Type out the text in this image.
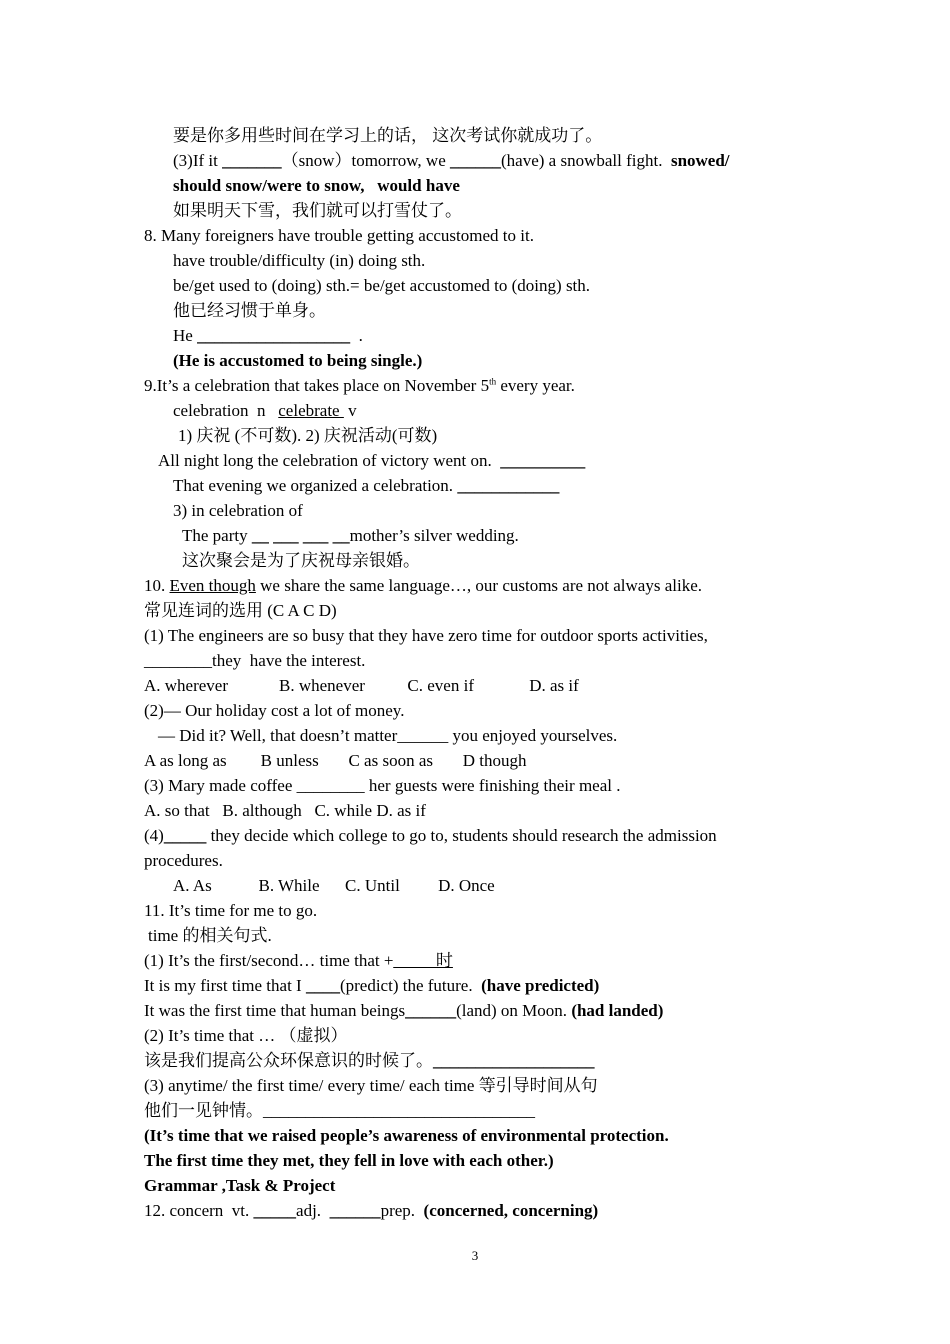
要是你多用些时间在学习上的话， 这次考试你就成功了。
(3)If it _______（snow）tomorrow, we ______(have) a snowball fight.  snowed/
should snow/were to snow,   would have
如果明天下雪，我们就可以打雪仗了。
8. Many foreigners have trouble getting accustomed to it.
have trouble/difficulty (in) doing sth.
be/get used to (doing) sth.= be/get accustomed to (doing) sth.
他已经习惯于单身。
He __________________  .
(He is accustomed to being single.)
9.It’s a celebration that takes place on November 5th every year.
celebration  n   celebrate  v
1) 庆祝 (不可数). 2) 庆祝活动(可数)
All night long the celebration of victory went on.  __________
That evening we organized a celebration. ____________
3) in celebration of
The party __ ___ ___ __mother’s silver wedding.
这次聚会是为了庆祝母亲银婚。
10. Even though we share the same language…, our customs are not always alike.
常见连词的选用 (C A C D)
(1) The engineers are so busy that they have zero time for outdoor sports activities,
________they  have the interest.
A. wherever            B. whenever          C. even if             D. as if
(2)— Our holiday cost a lot of money.
— Did it? Well, that doesn’t matter______ you enjoyed yourselves.
A as long as        B unless       C as soon as       D though
(3) Mary made coffee ________ her guests were finishing their meal .
A. so that   B. although   C. while D. as if
(4)_____ they decide which college to go to, students should research the admission
procedures.
A. As           B. While      C. Until         D. Once
11. It’s time for me to go.
time 的相关句式.
(1) It’s the first/second… time that +_____时
It is my first time that I ____(predict) the future.  (have predicted)
It was the first time that human beings______(land) on Moon. (had landed)
(2) It’s time that … （虚拟）
该是我们提高公众环保意识的时候了。___________________
(3) anytime/ the first time/ every time/ each time 等引导时间从句
他们一见钟情。________________________________
(It’s time that we raised people’s awareness of environmental protection.
The first time they met, they fell in love with each other.)
Grammar ,Task & Project
12. concern  vt. _____adj.  ______prep.  (concerned, concerning)
3
